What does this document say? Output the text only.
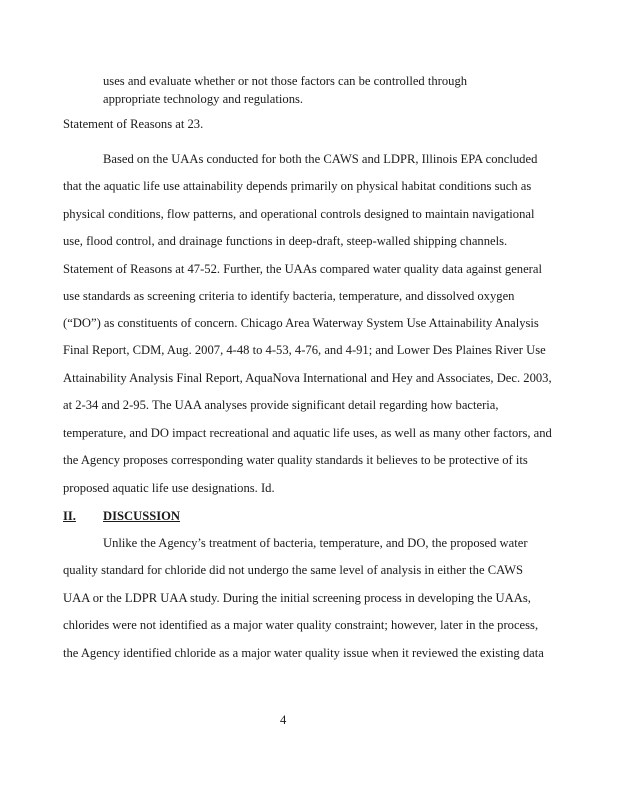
uses and evaluate whether or not those factors can be controlled through
appropriate technology and regulations.
Statement of Reasons at 23.
Based on the UAAs conducted for both the CAWS and LDPR, Illinois EPA concluded
that the aquatic life use attainability depends primarily on physical habitat conditions such as
physical conditions, flow patterns, and operational controls designed to maintain navigational
use, flood control, and drainage functions in deep-draft, steep-walled shipping channels.
Statement of Reasons at 47-52. Further, the UAAs compared water quality data against general
use standards as screening criteria to identify bacteria, temperature, and dissolved oxygen
(“DO”) as constituents of concern. Chicago Area Waterway System Use Attainability Analysis
Final Report, CDM, Aug. 2007, 4-48 to 4-53, 4-76, and 4-91; and Lower Des Plaines River Use
Attainability Analysis Final Report, AquaNova International and Hey and Associates, Dec. 2003,
at 2-34 and 2-95. The UAA analyses provide significant detail regarding how bacteria,
temperature, and DO impact recreational and aquatic life uses, as well as many other factors, and
the Agency proposes corresponding water quality standards it believes to be protective of its
proposed aquatic life use designations. Id.
II. DISCUSSION
Unlike the Agency’s treatment of bacteria, temperature, and DO, the proposed water
quality standard for chloride did not undergo the same level of analysis in either the CAWS
UAA or the LDPR UAA study. During the initial screening process in developing the UAAs,
chlorides were not identified as a major water quality constraint; however, later in the process,
the Agency identified chloride as a major water quality issue when it reviewed the existing data
4
